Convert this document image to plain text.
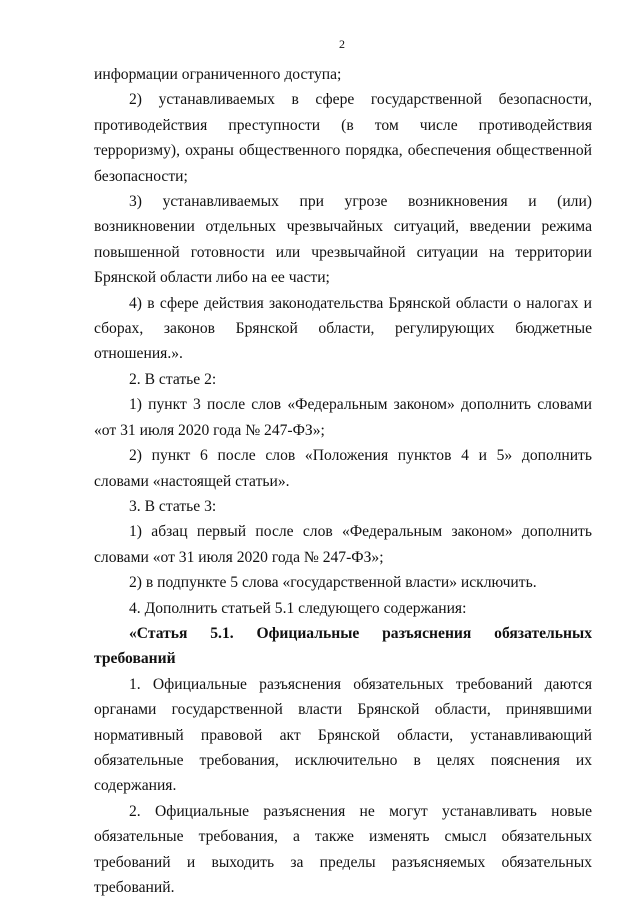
2

информации ограниченного доступа;

2) устанавливаемых в сфере государственной безопасности, противодействия преступности (в том числе противодействия терроризму), охраны общественного порядка, обеспечения общественной безопасности;

3) устанавливаемых при угрозе возникновения и (или) возникновении отдельных чрезвычайных ситуаций, введении режима повышенной готовности или чрезвычайной ситуации на территории Брянской области либо на ее части;

4) в сфере действия законодательства Брянской области о налогах и сборах, законов Брянской области, регулирующих бюджетные отношения.».

2. В статье 2:

1) пункт 3 после слов «Федеральным законом» дополнить словами «от 31 июля 2020 года № 247-ФЗ»;

2) пункт 6 после слов «Положения пунктов 4 и 5» дополнить словами «настоящей статьи».

3. В статье 3:

1) абзац первый после слов «Федеральным законом» дополнить словами «от 31 июля 2020 года № 247-ФЗ»;

2) в подпункте 5 слова «государственной власти» исключить.

4. Дополнить статьей 5.1 следующего содержания:

«Статья 5.1. Официальные разъяснения обязательных требований

1. Официальные разъяснения обязательных требований даются органами государственной власти Брянской области, принявшими нормативный правовой акт Брянской области, устанавливающий обязательные требования, исключительно в целях пояснения их содержания.

2. Официальные разъяснения не могут устанавливать новые обязательные требования, а также изменять смысл обязательных требований и выходить за пределы разъясняемых обязательных требований.
